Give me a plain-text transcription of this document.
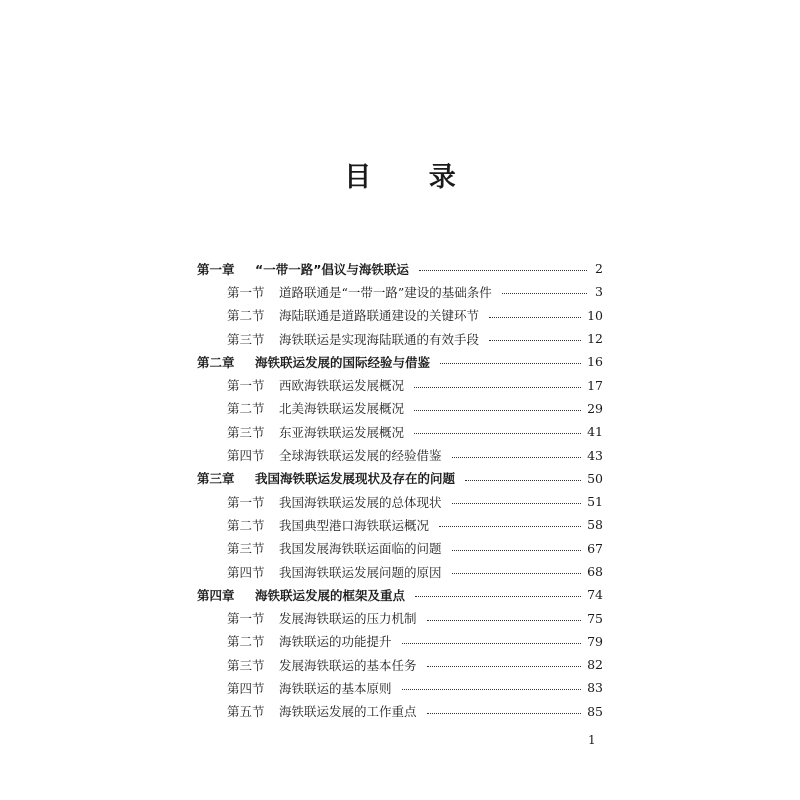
目 录
第一章	“一带一路”倡议与海铁联运	2
第一节	道路联通是“一带一路”建设的基础条件	3
第二节	海陆联通是道路联通建设的关键环节	10
第三节	海铁联运是实现海陆联通的有效手段	12
第二章	海铁联运发展的国际经验与借鉴	16
第一节	西欧海铁联运发展概况	17
第二节	北美海铁联运发展概况	29
第三节	东亚海铁联运发展概况	41
第四节	全球海铁联运发展的经验借鉴	43
第三章	我国海铁联运发展现状及存在的问题	50
第一节	我国海铁联运发展的总体现状	51
第二节	我国典型港口海铁联运概况	58
第三节	我国发展海铁联运面临的问题	67
第四节	我国海铁联运发展问题的原因	68
第四章	海铁联运发展的框架及重点	74
第一节	发展海铁联运的压力机制	75
第二节	海铁联运的功能提升	79
第三节	发展海铁联运的基本任务	82
第四节	海铁联运的基本原则	83
第五节	海铁联运发展的工作重点	85
1
